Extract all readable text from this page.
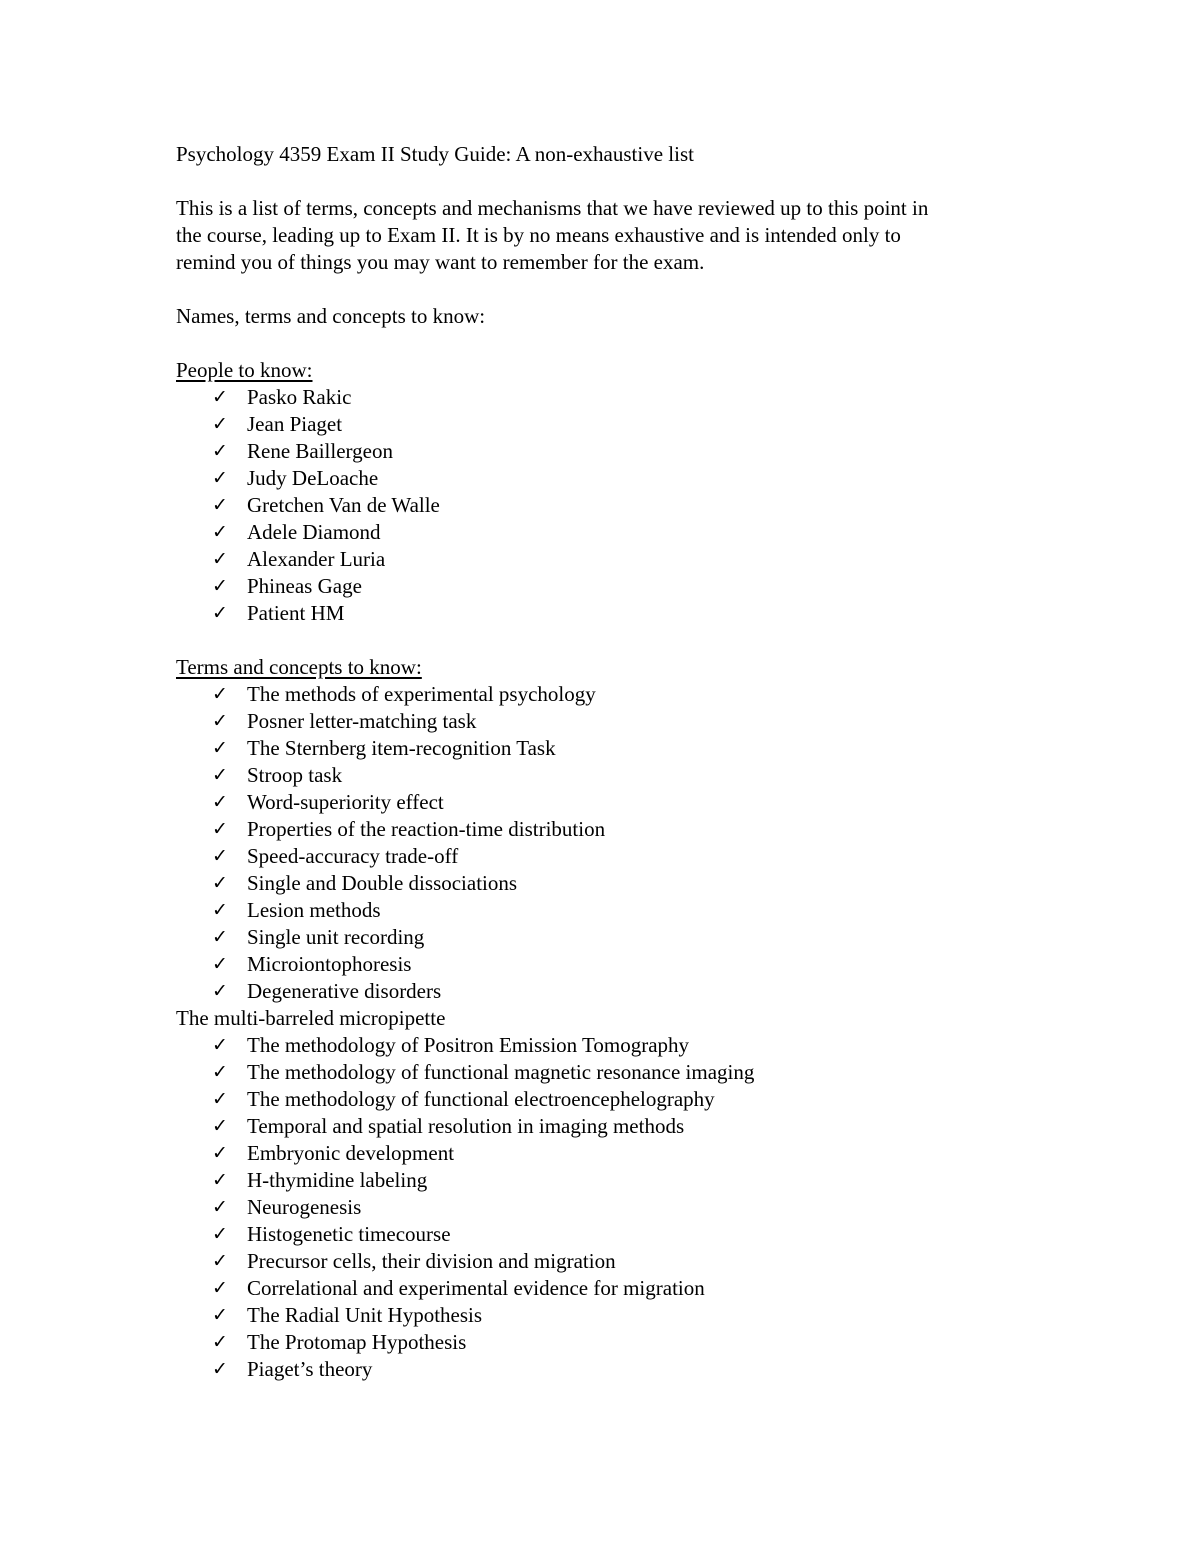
Psychology 4359 Exam II Study Guide: A non-exhaustive list

This is a list of terms, concepts and mechanisms that we have reviewed up to this point in

the course, leading up to Exam II. It is by no means exhaustive and is intended only to

remind you of things you may want to remember for the exam.

Names, terms and concepts to know:

People to know:

✓ Pasko Rakic
✓ Jean Piaget
✓ Rene Baillergeon
✓ Judy DeLoache
✓ Gretchen Van de Walle
✓ Adele Diamond
✓ Alexander Luria
✓ Phineas Gage
✓ Patient HM

Terms and concepts to know:

✓ The methods of experimental psychology
✓ Posner letter-matching task
✓ The Sternberg item-recognition Task
✓ Stroop task
✓ Word-superiority effect
✓ Properties of the reaction-time distribution
✓ Speed-accuracy trade-off
✓ Single and Double dissociations
✓ Lesion methods
✓ Single unit recording
✓ Microiontophoresis
✓ Degenerative disorders

The multi-barreled micropipette

✓ The methodology of Positron Emission Tomography
✓ The methodology of functional magnetic resonance imaging
✓ The methodology of functional electroencephelography
✓ Temporal and spatial resolution in imaging methods
✓ Embryonic development
✓ H-thymidine labeling
✓ Neurogenesis
✓ Histogenetic timecourse
✓ Precursor cells, their division and migration
✓ Correlational and experimental evidence for migration
✓ The Radial Unit Hypothesis
✓ The Protomap Hypothesis
✓ Piaget’s theory
